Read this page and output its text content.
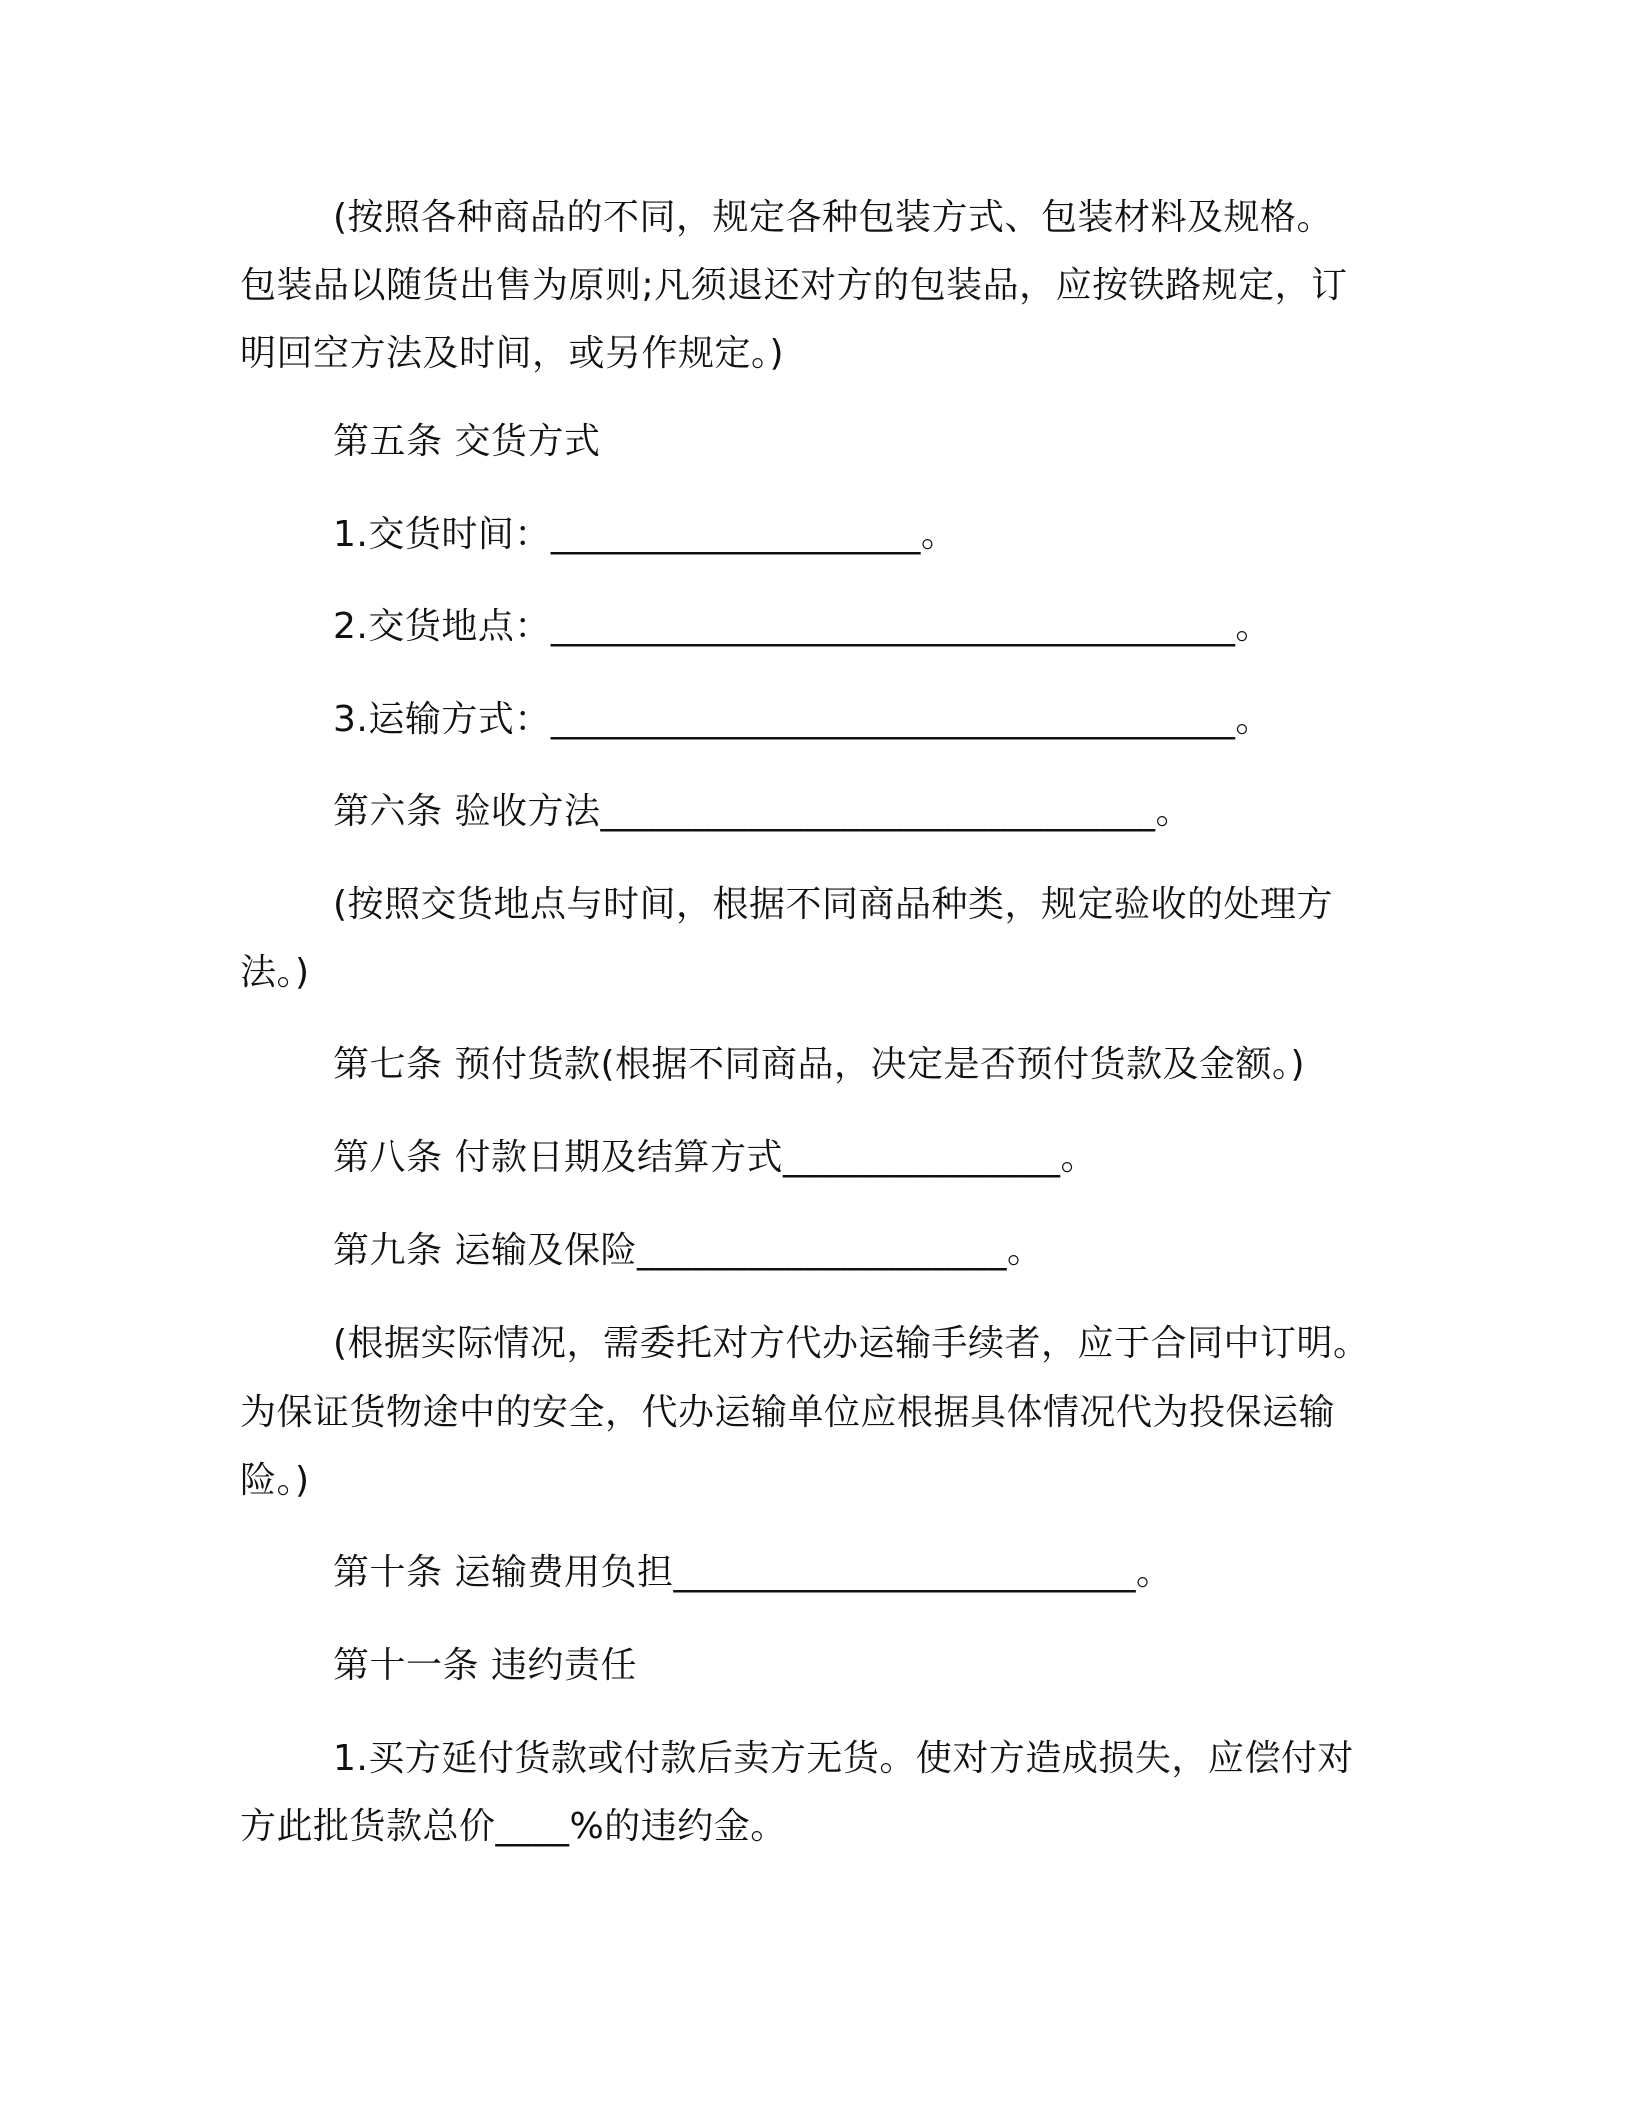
(按照各种商品的不同，规定各种包装方式、包装材料及规格。
包装品以随货出售为原则;凡须退还对方的包装品，应按铁路规定，订
明回空方法及时间，或另作规定。)
第五条 交货方式
1.交货时间：____________________。
2.交货地点：_____________________________________。
3.运输方式：_____________________________________。
第六条 验收方法______________________________。
(按照交货地点与时间，根据不同商品种类，规定验收的处理方
法。)
第七条 预付货款(根据不同商品，决定是否预付货款及金额。)
第八条 付款日期及结算方式_______________。
第九条 运输及保险____________________。
(根据实际情况，需委托对方代办运输手续者，应于合同中订明。
为保证货物途中的安全，代办运输单位应根据具体情况代为投保运输
险。)
第十条 运输费用负担_________________________。
第十一条 违约责任
1.买方延付货款或付款后卖方无货。使对方造成损失，应偿付对
方此批货款总价____%的违约金。
